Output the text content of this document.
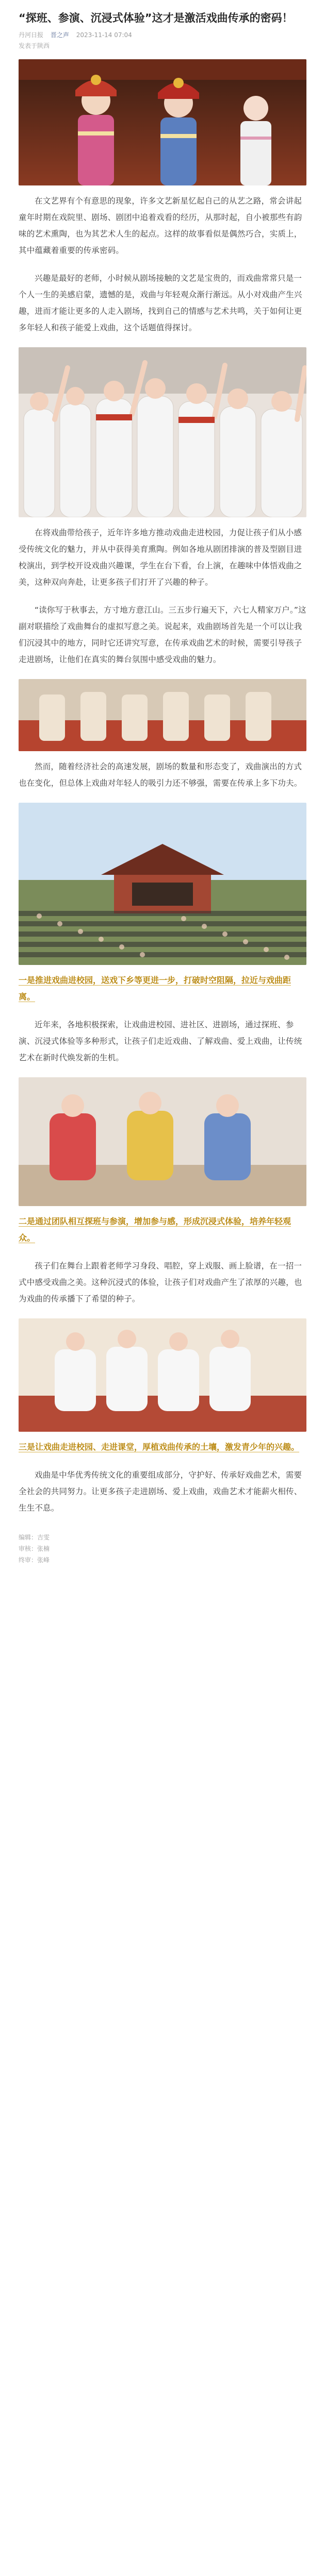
“探班、参演、沉浸式体验”这才是激活戏曲传承的密码！
丹河日报 晋之声 2023-11-14 07:04
发表于陕西

在文艺界有个有意思的现象，许多文艺新星忆起自己的从艺之路，常会讲起童年时期在戏院里、剧场、剧团中追着戏看的经历，从那时起，自小被那些有韵味的艺术熏陶，也为其艺术人生的起点。这样的故事看似是偶然巧合，实质上，其中蕴藏着重要的传承密码。

兴趣是最好的老师，小时候从剧场接触的文艺是宝贵的，而戏曲常常只是一个人一生的美感启蒙，遗憾的是，戏曲与年轻观众渐行渐远。从小对戏曲产生兴趣，进而才能让更多的人走入剧场，找到自己的情感与艺术共鸣，关于如何让更多年轻人和孩子能爱上戏曲，这个话题值得探讨。

在将戏曲带给孩子，近年许多地方推动戏曲走进校园，力促让孩子们从小感受传统文化的魅力，并从中获得美育熏陶。例如各地从剧团排演的普及型剧目进校演出，到学校开设戏曲兴趣课，学生在台下看，台上演，在趣味中体悟戏曲之美，这种双向奔赴，让更多孩子们打开了兴趣的种子。

“读你写于秋事去，方寸地方意江山。三五步行遍天下，六七人精家万户。”这副对联描绘了戏曲舞台的虚拟写意之美。说起来，戏曲剧场首先是一个可以让我们沉浸其中的地方，同时它还讲究写意，在传承戏曲艺术的时候，需要引导孩子走进剧场，让他们在真实的舞台氛围中感受戏曲的魅力。

然而，随着经济社会的高速发展，剧场的数量和形态变了，戏曲演出的方式也在变化，但总体上戏曲对年轻人的吸引力还不够强，需要在传承上多下功夫。

一是推进戏曲进校园，送戏下乡等更进一步，打破时空阻隔，拉近与戏曲距离。

近年来，各地积极探索，让戏曲进校园、进社区、进剧场，通过探班、参演、沉浸式体验等多种形式，让孩子们走近戏曲、了解戏曲、爱上戏曲，让传统艺术在新时代焕发新的生机。

二是通过团队相互探班与参演，增加参与感，形成沉浸式体验，培养年轻观众。

孩子们在舞台上跟着老师学习身段、唱腔，穿上戏服、画上脸谱，在一招一式中感受戏曲之美。这种沉浸式的体验，让孩子们对戏曲产生了浓厚的兴趣，也为戏曲的传承播下了希望的种子。

三是让戏曲走进校园、走进课堂，厚植戏曲传承的土壤，激发青少年的兴趣。

戏曲是中华优秀传统文化的重要组成部分，守护好、传承好戏曲艺术，需要全社会的共同努力。让更多孩子走进剧场、爱上戏曲，戏曲艺术才能薪火相传、生生不息。

编辑：吉雯
审核：张楠
终审：张峰
